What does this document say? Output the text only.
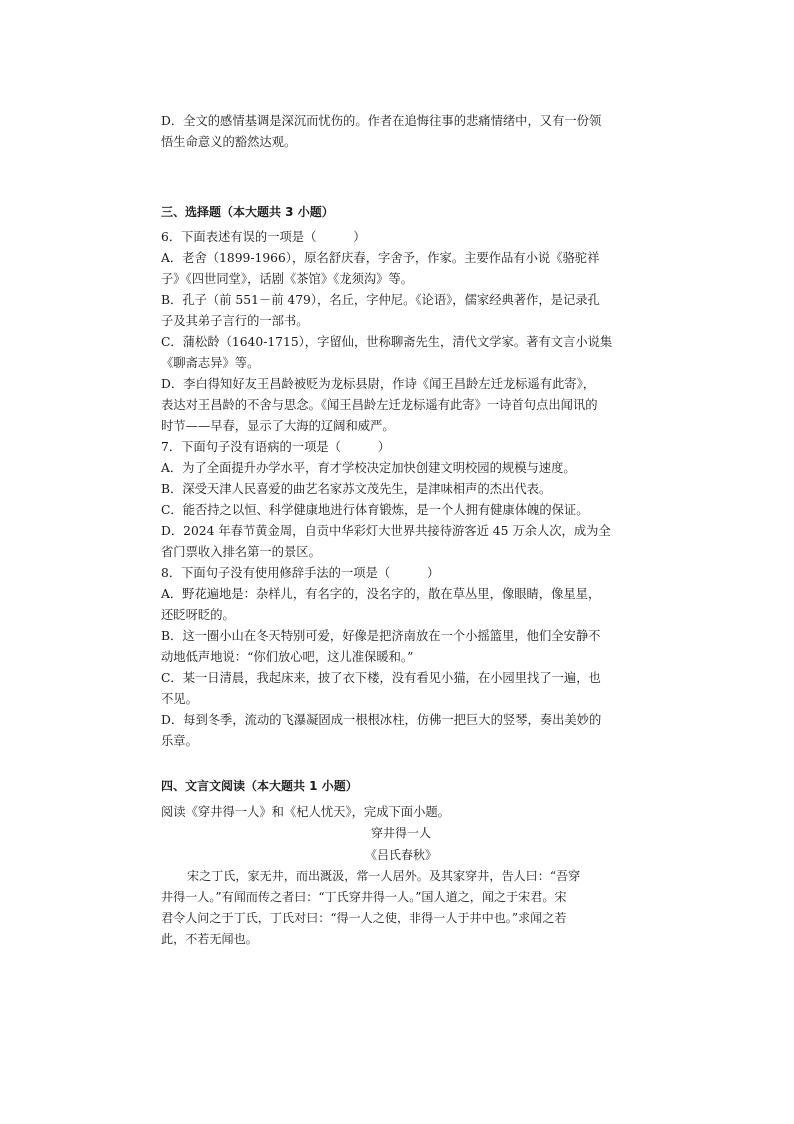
D．全文的感情基调是深沉而忧伤的。作者在追悔往事的悲痛情绪中，又有一份领
悟生命意义的豁然达观。
三、选择题（本大题共 3 小题）
6．下面表述有误的一项是（　　　）
A．老舍（1899-1966），原名舒庆春，字舍予，作家。主要作品有小说《骆驼祥
子》《四世同堂》，话剧《茶馆》《龙须沟》等。
B．孔子（前 551－前 479），名丘，字仲尼。《论语》，儒家经典著作，是记录孔
子及其弟子言行的一部书。
C．蒲松龄（1640-1715），字留仙，世称聊斋先生，清代文学家。著有文言小说集
《聊斋志异》等。
D．李白得知好友王昌龄被贬为龙标县尉，作诗《闻王昌龄左迁龙标遥有此寄》，
表达对王昌龄的不舍与思念。《闻王昌龄左迁龙标遥有此寄》一诗首句点出闻讯的
时节——早春，显示了大海的辽阔和威严。
7．下面句子没有语病的一项是（　　　）
A．为了全面提升办学水平，育才学校决定加快创建文明校园的规模与速度。
B．深受天津人民喜爱的曲艺名家苏文茂先生，是津味相声的杰出代表。
C．能否持之以恒、科学健康地进行体育锻炼，是一个人拥有健康体魄的保证。
D．2024 年春节黄金周，自贡中华彩灯大世界共接待游客近 45 万余人次，成为全
省门票收入排名第一的景区。
8．下面句子没有使用修辞手法的一项是（　　　）
A．野花遍地是：杂样儿，有名字的，没名字的，散在草丛里，像眼睛，像星星，
还眨呀眨的。
B．这一圈小山在冬天特别可爱，好像是把济南放在一个小摇篮里，他们全安静不
动地低声地说：“你们放心吧，这儿准保暖和。”
C．某一日清晨，我起床来，披了衣下楼，没有看见小猫，在小园里找了一遍，也
不见。
D．每到冬季，流动的飞瀑凝固成一根根冰柱，仿佛一把巨大的竖琴，奏出美妙的
乐章。
四、文言文阅读（本大题共 1 小题）
阅读《穿井得一人》和《杞人忧天》，完成下面小题。
穿井得一人
《吕氏春秋》
宋之丁氏，家无井，而出溉汲，常一人居外。及其家穿井，告人曰：“吾穿
井得一人。”有闻而传之者曰：“丁氏穿井得一人。”国人道之，闻之于宋君。宋
君令人问之于丁氏，丁氏对曰：“得一人之使，非得一人于井中也。”求闻之若
此，不若无闻也。
